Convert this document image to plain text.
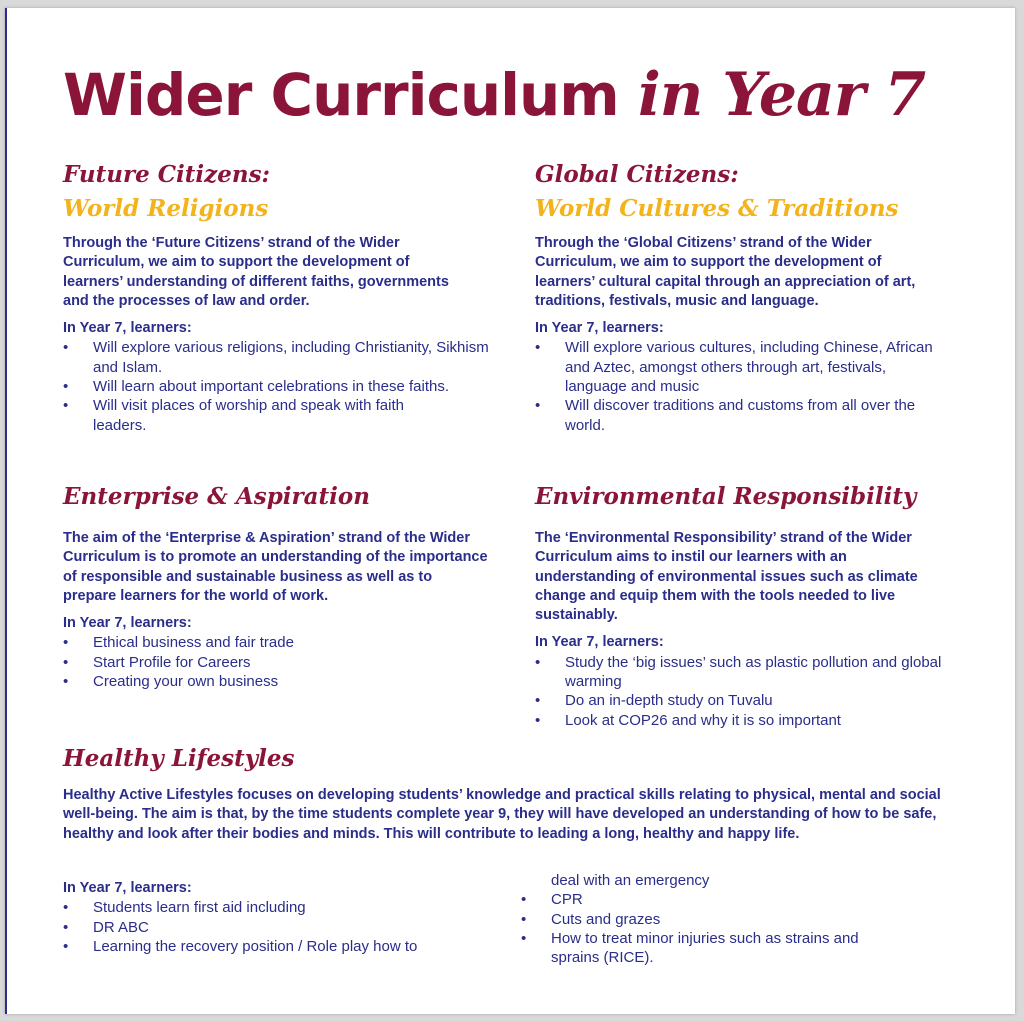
Wider Curriculum in Year 7
Future Citizens:
World Religions

Through the ‘Future Citizens’ strand of the Wider Curriculum, we aim to support the development of learners’ understanding of different faiths, governments and the processes of law and order.

In Year 7, learners:

• Will explore various religions, including Christianity, Sikhism and Islam.
• Will learn about important celebrations in these faiths.
• Will visit places of worship and speak with faith leaders.
Global Citizens:
World Cultures & Traditions

Through the ‘Global Citizens’ strand of the Wider Curriculum, we aim to support the development of learners’ cultural capital through an appreciation of art, traditions, festivals, music and language.

In Year 7, learners:

• Will explore various cultures, including Chinese, African and Aztec, amongst others through art, festivals, language and music
• Will discover traditions and customs from all over the world.
Enterprise & Aspiration

The aim of the ‘Enterprise & Aspiration’ strand of the Wider Curriculum is to promote an understanding of the importance of responsible and sustainable business as well as to prepare learners for the world of work.

In Year 7, learners:

• Ethical business and fair trade
• Start Profile for Careers
• Creating your own business
Environmental Responsibility

The ‘Environmental Responsibility’ strand of the Wider Curriculum aims to instil our learners with an understanding of environmental issues such as climate change and equip them with the tools needed to live sustainably.

In Year 7, learners:

• Study the ‘big issues’ such as plastic pollution and global warming
• Do an in-depth study on Tuvalu
• Look at COP26 and why it is so important
Healthy Lifestyles

Healthy Active Lifestyles focuses on developing students’ knowledge and practical skills relating to physical, mental and social well-being. The aim is that, by the time students complete year 9, they will have developed an understanding of how to be safe, healthy and look after their bodies and minds. This will contribute to leading a long, healthy and happy life.

In Year 7, learners:

• Students learn first aid including
• DR ABC
• Learning the recovery position / Role play how to
deal with an emergency
• CPR
• Cuts and grazes
• How to treat minor injuries such as strains and sprains (RICE).
